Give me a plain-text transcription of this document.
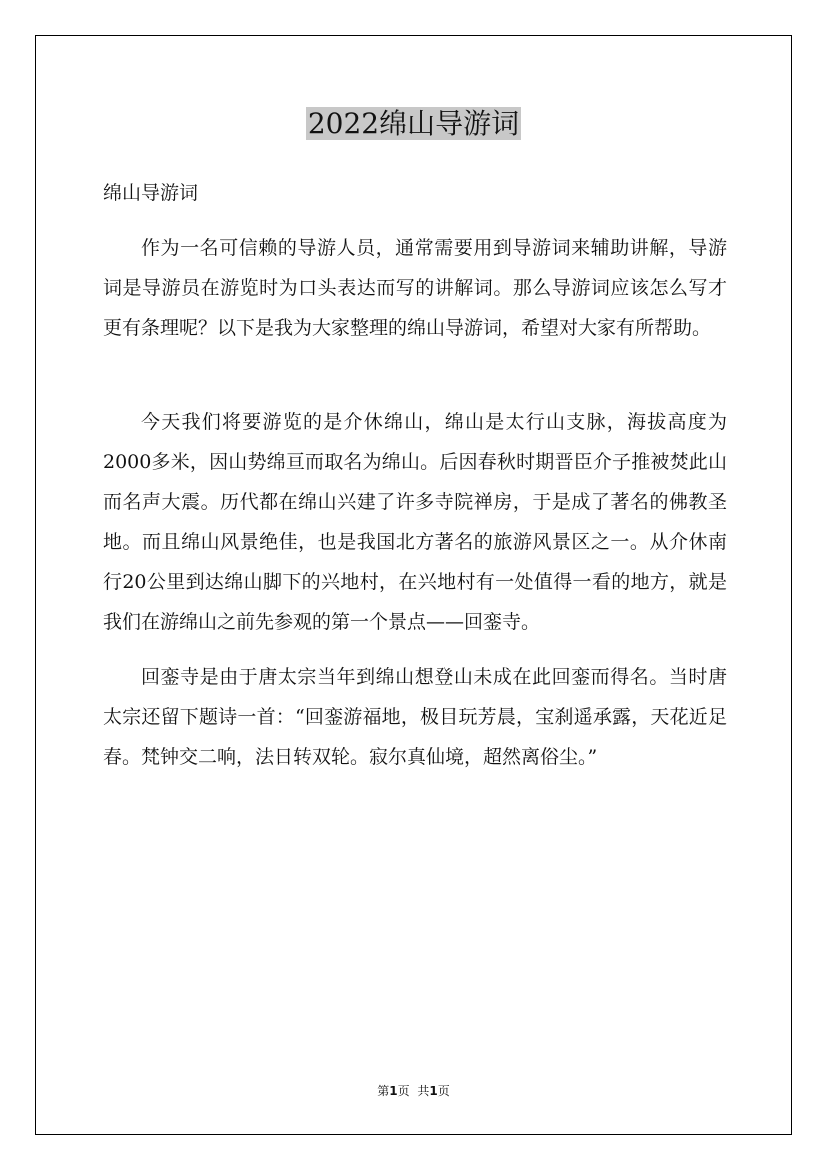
2022绵山导游词

绵山导游词

作为一名可信赖的导游人员，通常需要用到导游词来辅助讲解，导游词是导游员在游览时为口头表达而写的讲解词。那么导游词应该怎么写才更有条理呢？以下是我为大家整理的绵山导游词，希望对大家有所帮助。

今天我们将要游览的是介休绵山，绵山是太行山支脉，海拔高度为2000多米，因山势绵亘而取名为绵山。后因春秋时期晋臣介子推被焚此山而名声大震。历代都在绵山兴建了许多寺院禅房，于是成了著名的佛教圣地。而且绵山风景绝佳，也是我国北方著名的旅游风景区之一。从介休南行20公里到达绵山脚下的兴地村，在兴地村有一处值得一看的地方，就是我们在游绵山之前先参观的第一个景点——回銮寺。

回銮寺是由于唐太宗当年到绵山想登山未成在此回銮而得名。当时唐太宗还留下题诗一首：“回銮游福地，极目玩芳晨，宝刹遥承露，天花近足春。梵钟交二响，法日转双轮。寂尔真仙境，超然离俗尘。”

第1页 共1页
